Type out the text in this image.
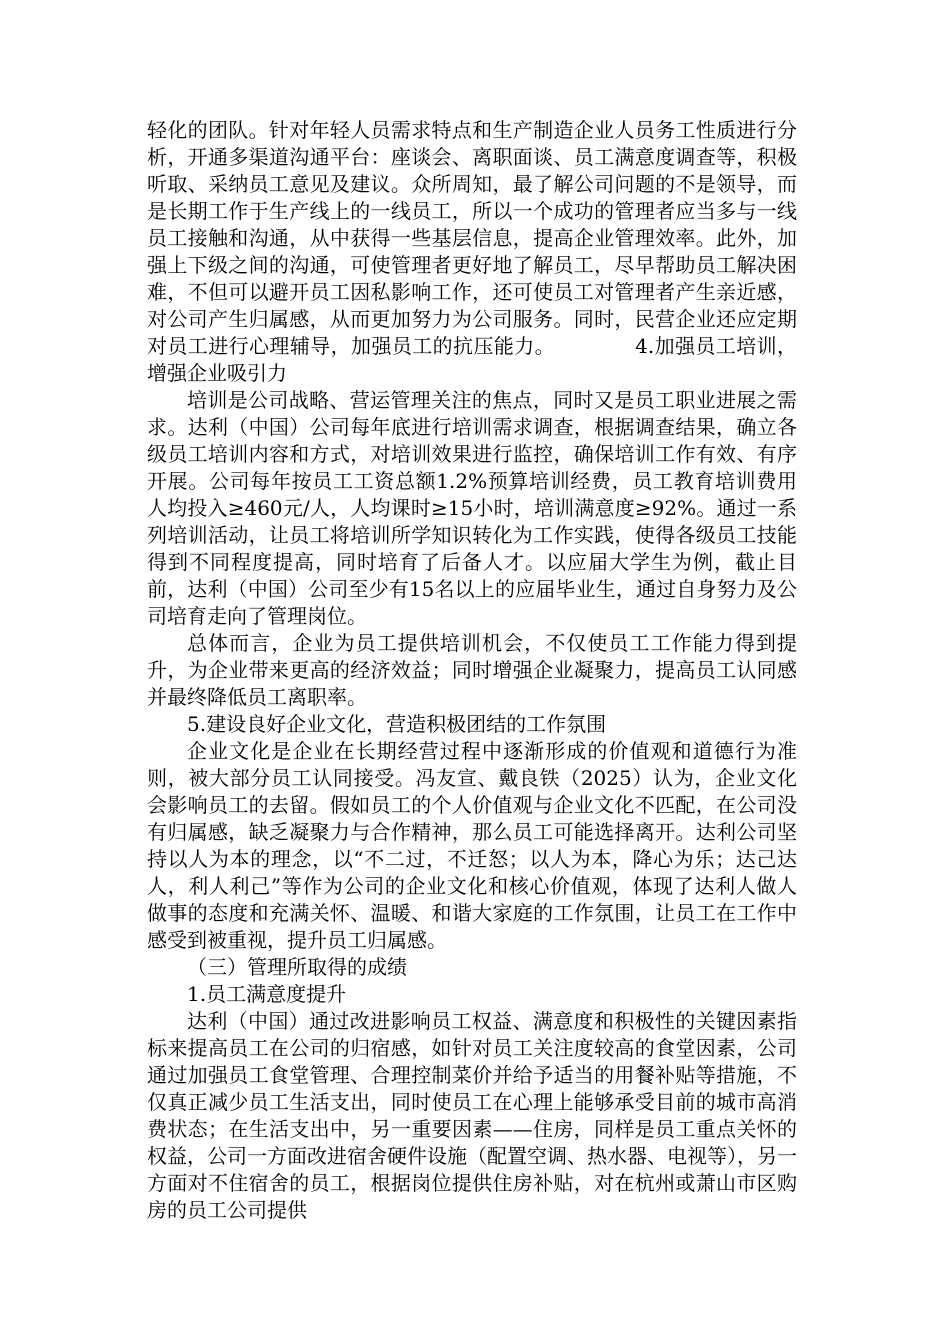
轻化的团队。针对年轻人员需求特点和生产制造企业人员务工性质进行分析，开通多渠道沟通平台：座谈会、离职面谈、员工满意度调查等，积极听取、采纳员工意见及建议。众所周知，最了解公司问题的不是领导，而是长期工作于生产线上的一线员工，所以一个成功的管理者应当多与一线员工接触和沟通，从中获得一些基层信息，提高企业管理效率。此外，加强上下级之间的沟通，可使管理者更好地了解员工，尽早帮助员工解决困难，不但可以避开员工因私影响工作，还可使员工对管理者产生亲近感，对公司产生归属感，从而更加努力为公司服务。同时，民营企业还应定期对员工进行心理辅导，加强员工的抗压能力。    	4.加强员工培训，增强企业吸引力

培训是公司战略、营运管理关注的焦点，同时又是员工职业进展之需求。达利（中国）公司每年底进行培训需求调查，根据调查结果，确立各级员工培训内容和方式，对培训效果进行监控，确保培训工作有效、有序开展。公司每年按员工工资总额1.2%预算培训经费，员工教育培训费用人均投入≥460元/人，人均课时≥15小时，培训满意度≥92%。通过一系列培训活动，让员工将培训所学知识转化为工作实践，使得各级员工技能得到不同程度提高，同时培育了后备人才。以应届大学生为例，截止目前，达利（中国）公司至少有15名以上的应届毕业生，通过自身努力及公司培育走向了管理岗位。

总体而言，企业为员工提供培训机会，不仅使员工工作能力得到提升，为企业带来更高的经济效益；同时增强企业凝聚力，提高员工认同感并最终降低员工离职率。

5.建设良好企业文化，营造积极团结的工作氛围

企业文化是企业在长期经营过程中逐渐形成的价值观和道德行为准则，被大部分员工认同接受。冯友宣、戴良铁（2025）认为，企业文化会影响员工的去留。假如员工的个人价值观与企业文化不匹配，在公司没有归属感，缺乏凝聚力与合作精神，那么员工可能选择离开。达利公司坚持以人为本的理念，以“不二过，不迁怒；以人为本，降心为乐；达己达人，利人利己”等作为公司的企业文化和核心价值观，体现了达利人做人做事的态度和充满关怀、温暖、和谐大家庭的工作氛围，让员工在工作中感受到被重视，提升员工归属感。

（三）管理所取得的成绩

1.员工满意度提升

达利（中国）通过改进影响员工权益、满意度和积极性的关键因素指标来提高员工在公司的归宿感，如针对员工关注度较高的食堂因素，公司通过加强员工食堂管理、合理控制菜价并给予适当的用餐补贴等措施，不仅真正减少员工生活支出，同时使员工在心理上能够承受目前的城市高消费状态；在生活支出中，另一重要因素——住房，同样是员工重点关怀的权益，公司一方面改进宿舍硬件设施（配置空调、热水器、电视等），另一方面对不住宿舍的员工，根据岗位提供住房补贴，对在杭州或萧山市区购房的员工公司提供
